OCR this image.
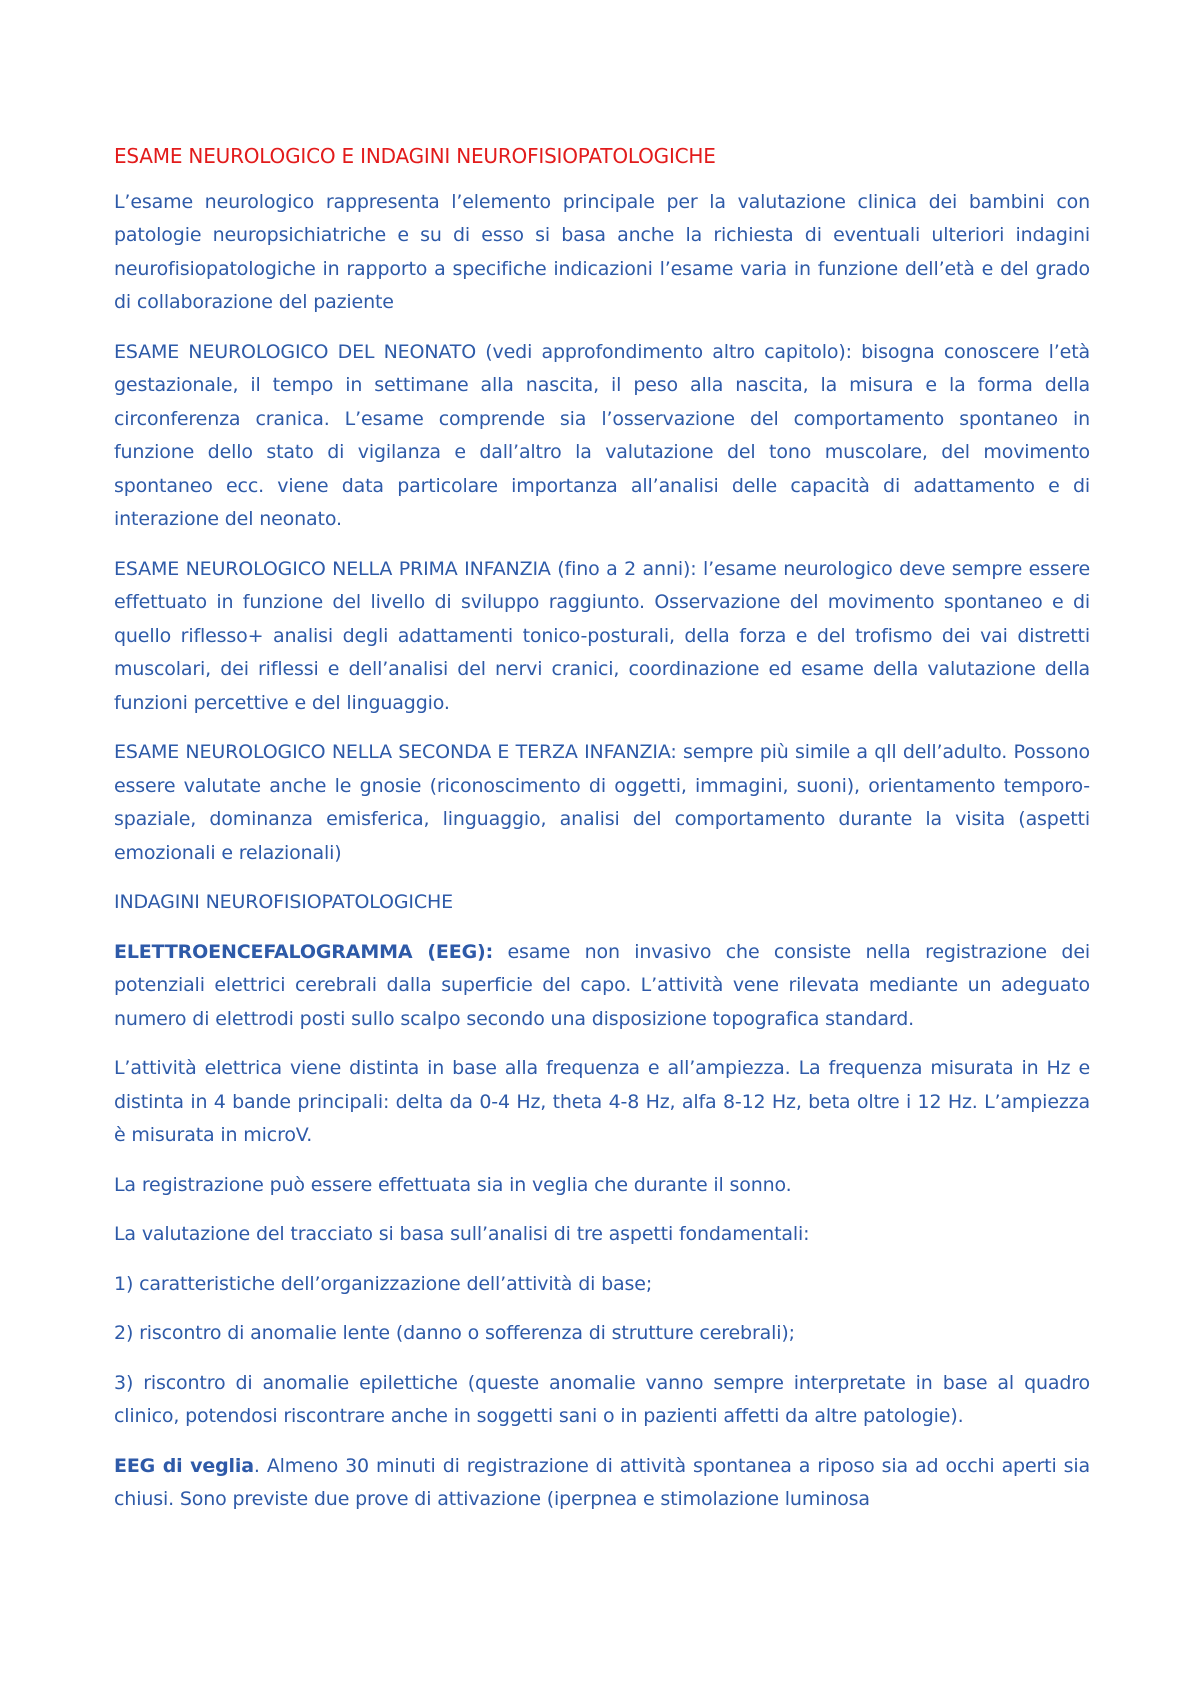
ESAME NEUROLOGICO E INDAGINI NEUROFISIOPATOLOGICHE

L’esame neurologico rappresenta l’elemento principale per la valutazione clinica dei bambini con patologie neuropsichiatriche e su di esso si basa anche la richiesta di eventuali ulteriori indagini neurofisiopatologiche in rapporto a specifiche indicazioni l’esame varia in funzione dell’età e del grado di collaborazione del paziente

ESAME NEUROLOGICO DEL NEONATO (vedi approfondimento altro capitolo): bisogna conoscere l’età gestazionale, il tempo in settimane alla nascita, il peso alla nascita, la misura e la forma della circonferenza cranica. L’esame comprende sia l’osservazione del comportamento spontaneo in funzione dello stato di vigilanza e dall’altro la valutazione del tono muscolare, del movimento spontaneo ecc. viene data particolare importanza all’analisi delle capacità di adattamento e di interazione del neonato.

ESAME NEUROLOGICO NELLA PRIMA INFANZIA (fino a 2 anni): l’esame neurologico deve sempre essere effettuato in funzione del livello di sviluppo raggiunto. Osservazione del movimento spontaneo e di quello riflesso+ analisi degli adattamenti tonico-posturali, della forza e del trofismo dei vai distretti muscolari, dei riflessi e dell’analisi del nervi cranici, coordinazione ed esame della valutazione della funzioni percettive e del linguaggio.

ESAME NEUROLOGICO NELLA SECONDA E TERZA INFANZIA: sempre più simile a qll dell’adulto. Possono essere valutate anche le gnosie (riconoscimento di oggetti, immagini, suoni), orientamento temporo-spaziale, dominanza emisferica, linguaggio, analisi del comportamento durante la visita (aspetti emozionali e relazionali)

INDAGINI NEUROFISIOPATOLOGICHE

ELETTROENCEFALOGRAMMA (EEG): esame non invasivo che consiste nella registrazione dei potenziali elettrici cerebrali dalla superficie del capo. L’attività vene rilevata mediante un adeguato numero di elettrodi posti sullo scalpo secondo una disposizione topografica standard.

L’attività elettrica viene distinta in base alla frequenza e all’ampiezza. La frequenza misurata in Hz e distinta in 4 bande principali: delta da 0-4 Hz, theta 4-8 Hz, alfa 8-12 Hz, beta oltre i 12 Hz. L’ampiezza è misurata in microV.

La registrazione può essere effettuata sia in veglia che durante il sonno.

La valutazione del tracciato si basa sull’analisi di tre aspetti fondamentali:

1) caratteristiche dell’organizzazione dell’attività di base;

2) riscontro di anomalie lente (danno o sofferenza di strutture cerebrali);

3) riscontro di anomalie epilettiche (queste anomalie vanno sempre interpretate in base al quadro clinico, potendosi riscontrare anche in soggetti sani o in pazienti affetti da altre patologie).

EEG di veglia. Almeno 30 minuti di registrazione di attività spontanea a riposo sia ad occhi aperti sia chiusi. Sono previste due prove di attivazione (iperpnea e stimolazione luminosa
